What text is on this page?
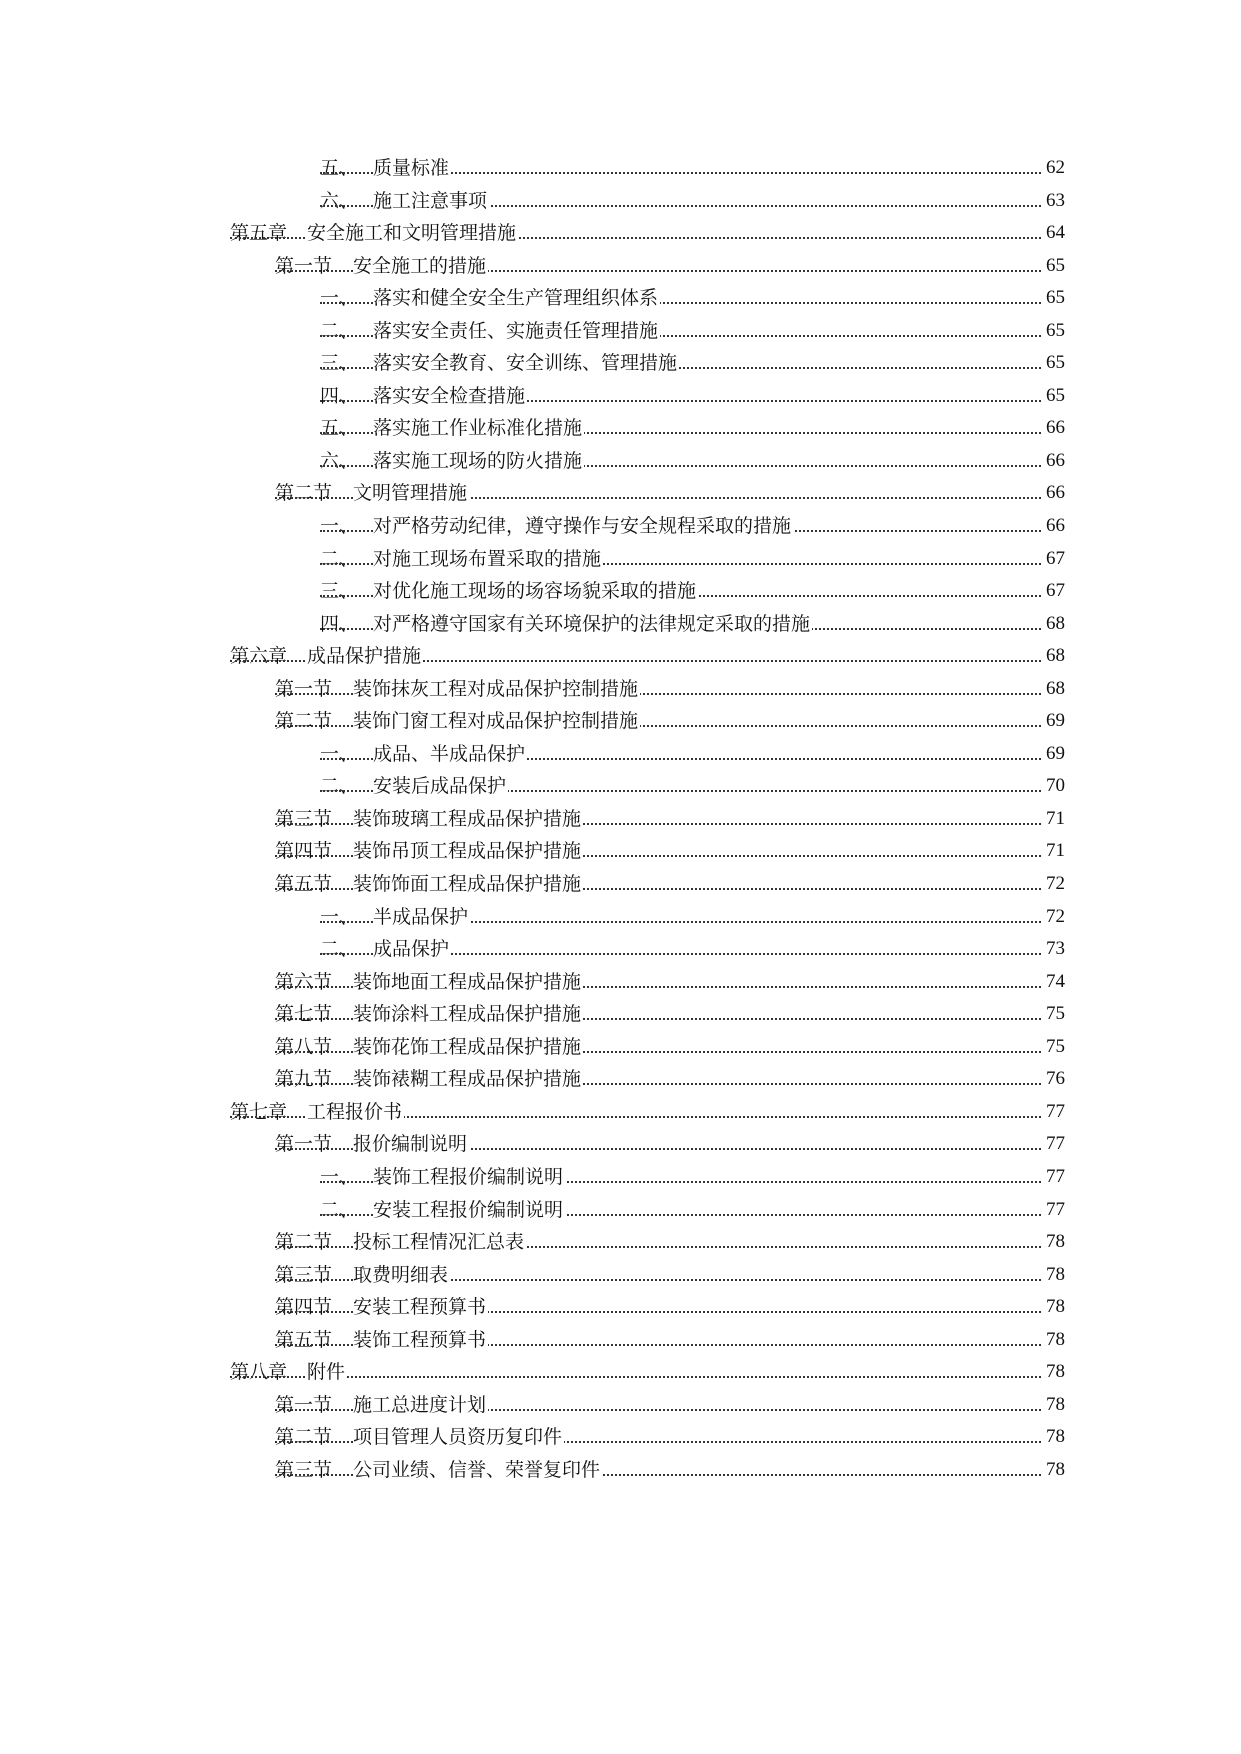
五、 质量标准	62
六、 施工注意事项	63
第五章 安全施工和文明管理措施	64
第一节 安全施工的措施	65
一、 落实和健全安全生产管理组织体系	65
二、 落实安全责任、实施责任管理措施	65
三、 落实安全教育、安全训练、管理措施	65
四、 落实安全检查措施	65
五、 落实施工作业标准化措施	66
六、 落实施工现场的防火措施	66
第二节 文明管理措施	66
一、 对严格劳动纪律，遵守操作与安全规程采取的措施	66
二、 对施工现场布置采取的措施	67
三、 对优化施工现场的场容场貌采取的措施	67
四、 对严格遵守国家有关环境保护的法律规定采取的措施	68
第六章 成品保护措施	68
第一节 装饰抹灰工程对成品保护控制措施	68
第二节 装饰门窗工程对成品保护控制措施	69
一、 成品、半成品保护	69
二、 安装后成品保护	70
第三节 装饰玻璃工程成品保护措施	71
第四节 装饰吊顶工程成品保护措施	71
第五节 装饰饰面工程成品保护措施	72
一、 半成品保护	72
二、 成品保护	73
第六节 装饰地面工程成品保护措施	74
第七节 装饰涂料工程成品保护措施	75
第八节 装饰花饰工程成品保护措施	75
第九节 装饰裱糊工程成品保护措施	76
第七章 工程报价书	77
第一节 报价编制说明	77
一、 装饰工程报价编制说明	77
二、 安装工程报价编制说明	77
第二节 投标工程情况汇总表	78
第三节 取费明细表	78
第四节 安装工程预算书	78
第五节 装饰工程预算书	78
第八章 附件	78
第一节 施工总进度计划	78
第二节 项目管理人员资历复印件	78
第三节 公司业绩、信誉、荣誉复印件	78
